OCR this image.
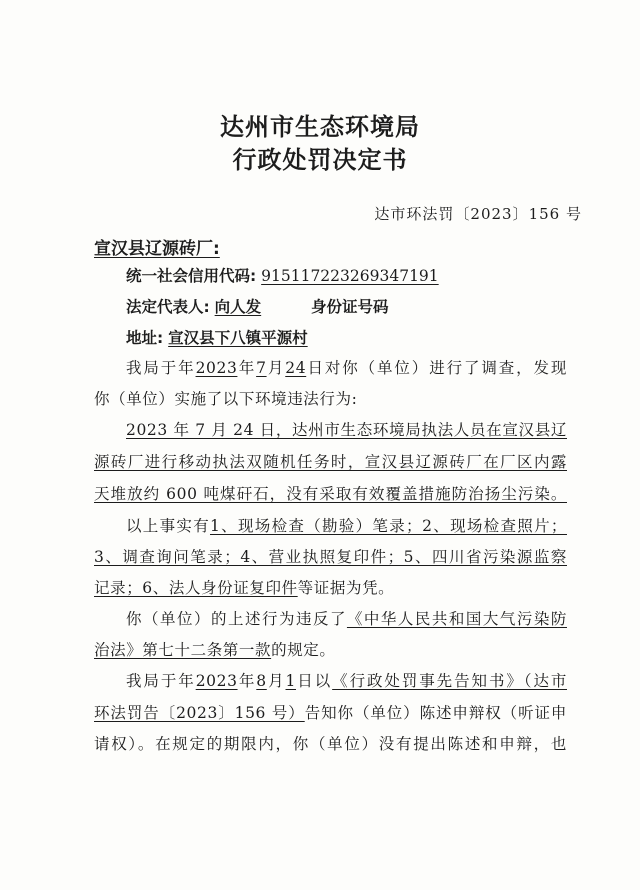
达州市生态环境局
行政处罚决定书
达市环法罚〔2023〕156 号
宣汉县辽源砖厂:
统一社会信用代码: 91511722326934719​1
法定代表人: 向人发	身份证号码
地址: 宣汉县下八镇平源村
我局于年2023年7月24日对你（单位）进行了调查，发现
你（单位）实施了以下环境违法行为:
2023 年 7 月 24 日，达州市生态环境局执法人员在宣汉县辽
源砖厂进行移动执法双随机任务时，宣汉县辽源砖厂在厂区内露
天堆放约 600 吨煤矸石，没有采取有效覆盖措施防治扬尘污染。
以上事实有1、现场检查（勘验）笔录；2、现场检查照片；
3、调查询问笔录；4、营业执照复印件；5、四川省污染源监察
记录；6、法人身份证复印件等证据为凭。
你（单位）的上述行为违反了《中华人民共和国大气污染防
治法》第七十二条第一款的规定。
我局于年2023年8月1日以《行政处罚事先告知书》（达市
环法罚告〔2023〕156 号）告知你（单位）陈述申辩权（听证申
请权）。在规定的期限内，你（单位）没有提出陈述和申辩，也
